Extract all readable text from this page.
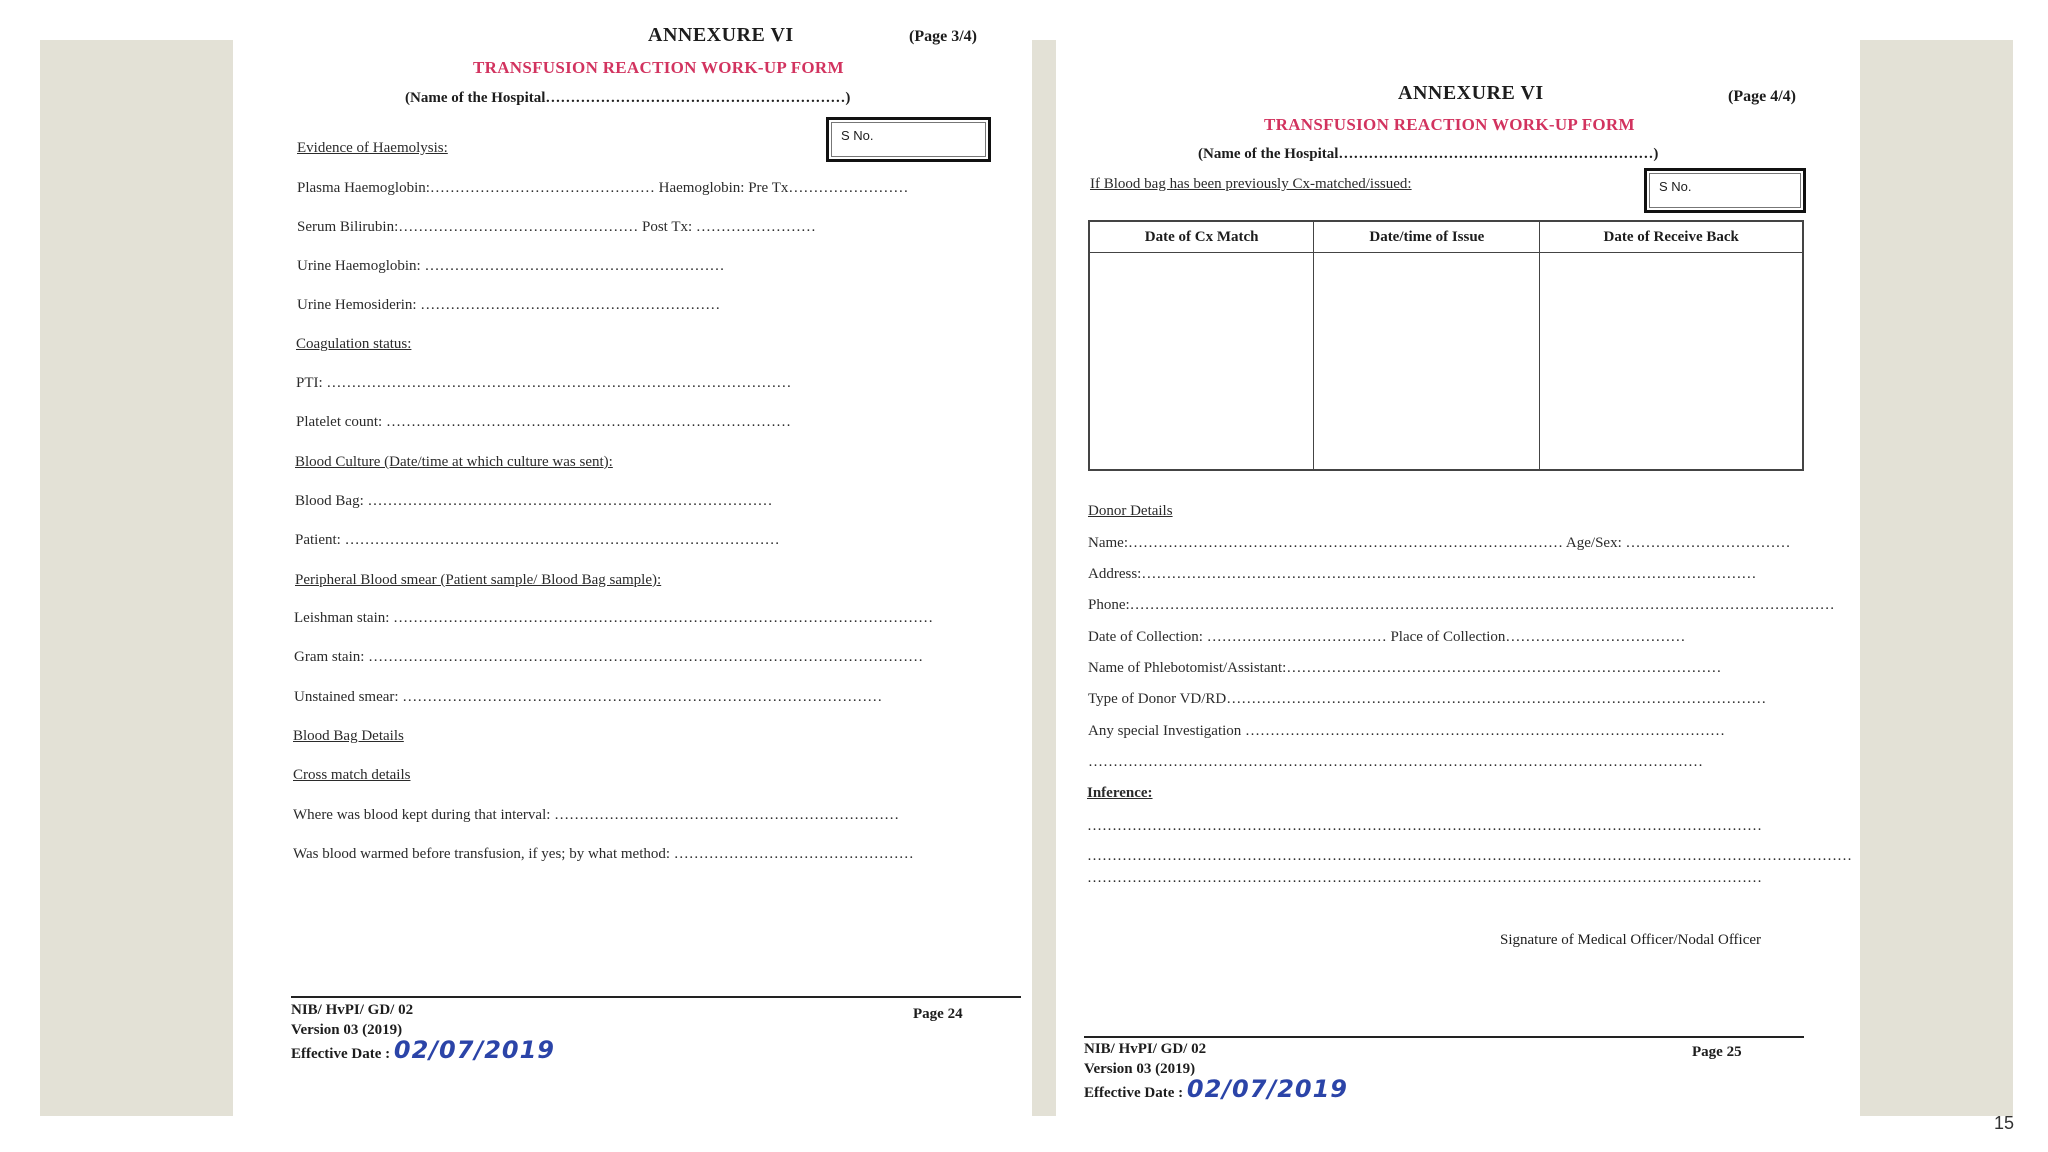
ANNEXURE VI	(Page 3/4)
TRANSFUSION REACTION WORK-UP FORM
(Name of the Hospital……………………………………………………)
S No.
Evidence of Haemolysis:
Plasma Haemoglobin:……………………………………… Haemoglobin: Pre Tx……………………
Serum Bilirubin:………………………………………… Post Tx: ……………………
Urine Haemoglobin: ……………………………………………………
Urine Hemosiderin: ……………………………………………………
Coagulation status:
PTI: …………………………………………………………………………………
Platelet count: ………………………………………………………………………
Blood Culture (Date/time at which culture was sent):
Blood Bag: ………………………………………………………………………
Patient: ……………………………………………………………………………
Peripheral Blood smear (Patient sample/ Blood Bag sample):
Leishman stain: ………………………………………………………………………………………………
Gram stain: …………………………………………………………………………………………………
Unstained smear: ……………………………………………………………………………………
Blood Bag Details
Cross match details
Where was blood kept during that interval: ……………………………………………………………
Was blood warmed before transfusion, if yes; by what method: …………………………………………
NIB/ HvPI/ GD/ 02
Version 03 (2019)
Effective Date : 02/07/2019
Page 24
ANNEXURE VI	(Page 4/4)
TRANSFUSION REACTION WORK-UP FORM
(Name of the Hospital………………………………………………………)
If Blood bag has been previously Cx-matched/issued:	S No.
Date of Cx Match	Date/time of Issue	Date of Receive Back

Donor Details
Name:…………………………………………………………………………… Age/Sex: ……………………………
Address:……………………………………………………………………………………………………………
Phone:……………………………………………………………………………………………………………………………
Date of Collection: ……………………………… Place of Collection………………………………
Name of Phlebotomist/Assistant:……………………………………………………………………………
Type of Donor VD/RD………………………………………………………………………………………………
Any special Investigation ……………………………………………………………………………………
……………………………………………………………………………………………………………
Inference:
………………………………………………………………………………………………………………………
………………………………………………………………………………………………………………………………………
………………………………………………………………………………………………………………………
Signature of Medical Officer/Nodal Officer
NIB/ HvPI/ GD/ 02
Version 03 (2019)
Effective Date : 02/07/2019
Page 25
15
